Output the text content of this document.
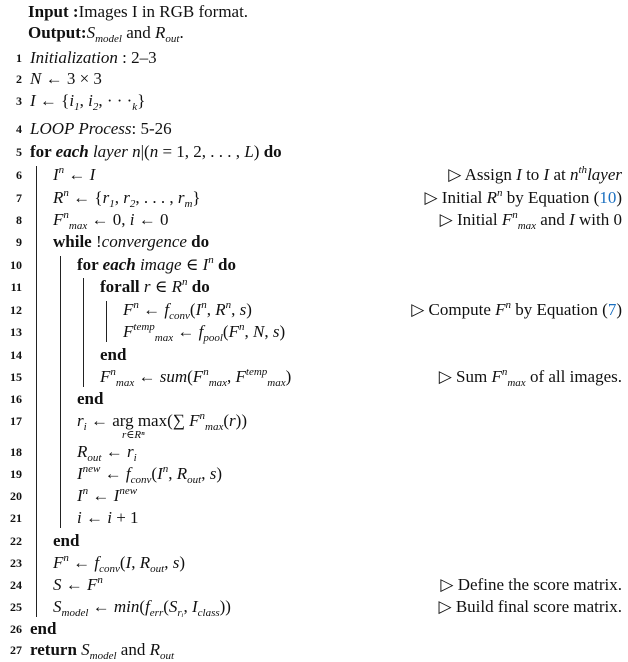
Input :Images I in RGB format.
$Output:S_{model}$ and $R_{out}$.
1 Initialization : 2–3
2 N ← 3 × 3
3 I ← {$i_1$, $i_2$, · · $\cdot_k$}
4 LOOP Process: 5-26
5 for each layer n|(n = 1, 2, . . . , L) do
6 $I^n$ ← I	▷ Assign I to I at $n^{th}layer$
7 $R^n$ ← {$r_1$, $r_2$, . . . , $r_m$}	▷ Initial $R^n$ by Equation (10)
8 $F^n_{max}$ ← 0, i ← 0	▷ Initial $F^n_{max}$ and I with 0
9 while !convergence do
10	for each image ∈ $I^n$ do
11	forall r ∈ $R^n$ do
12	$F^n$ ← $f_{conv}(I^n$, $R^n$, s)	▷ Compute $F^n$ by Equation (7)
13	$F^{temp}_{max}$ ← $f_{pool}(F^n$, N, s)
14	end
15	$F^n_{max}$ ← $sum(F^n_{max}$, $F^{temp}_{max}$)	▷ Sum $F^n_{max}$ of all images.
16	end
17	$r_i$ ← arg max(∑ $F^n_{max}(r)$)
r∈Rⁿ
18	$R_{out}$ ← $r_i$
19	$I^{new}$ ← $f_{conv}(I^n$, $R_{out}$, s)
20	$I^n$ ← $I^{new}$
21	i ← i + 1
22 end
23 $F^n$ ← $f_{conv}(I$, $R_{out}$, s)
24 S ← $F^n$	▷ Define the score matrix.
25 $S_{model}$ ← $\min(f_{err}(S_{rᵢ}$, $I_{class}$))	▷ Build final score matrix.
26 end
27 return $S_{model}$ and $R_{out}$
